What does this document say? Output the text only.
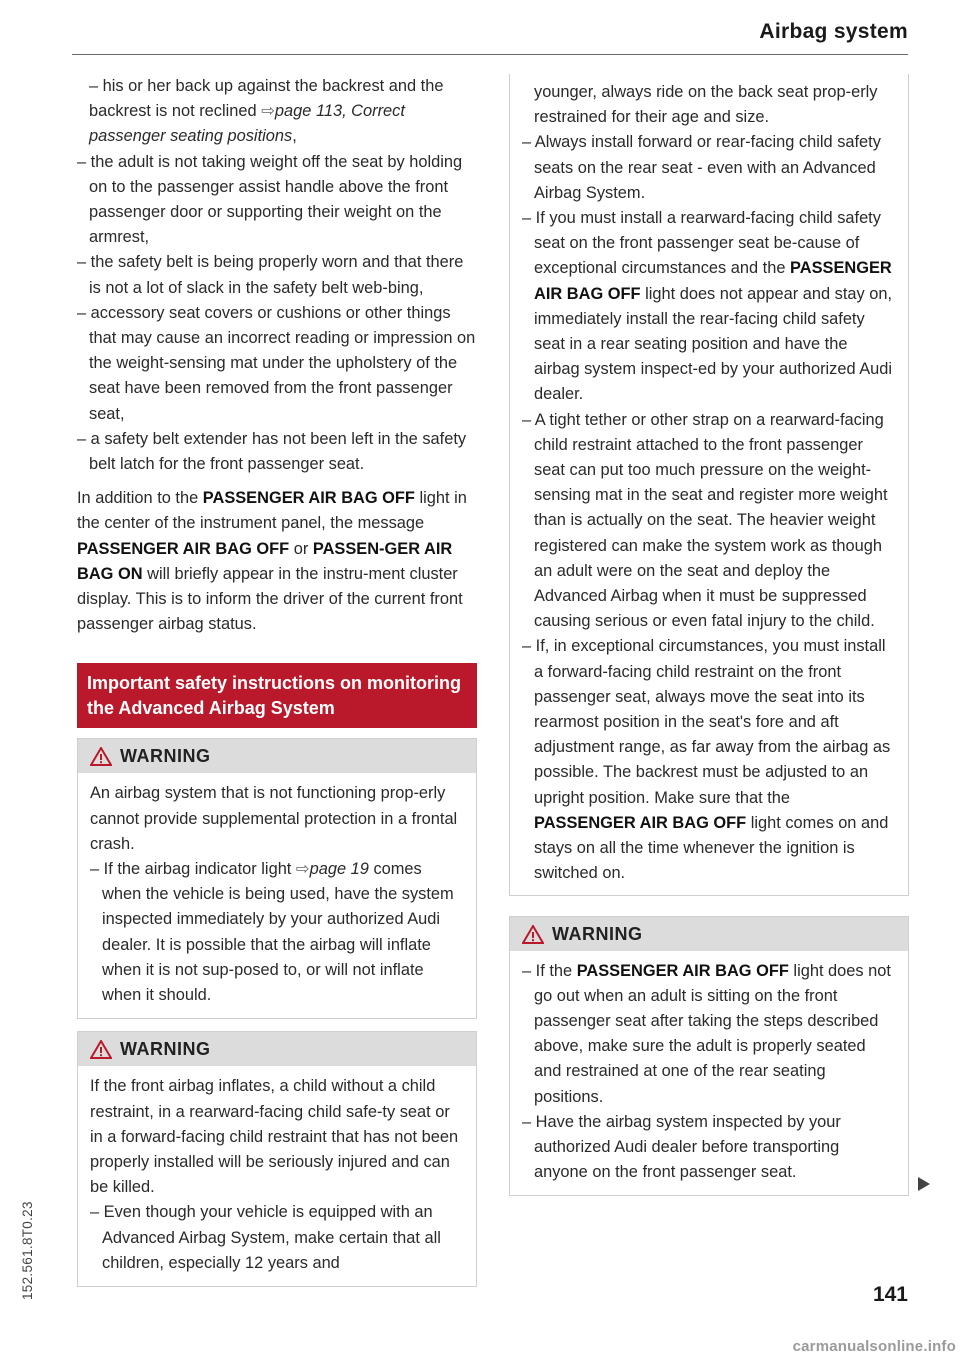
Airbag system

– his or her back up against the backrest and the backrest is not reclined ⇨page 113, Correct passenger seating positions,

– the adult is not taking weight off the seat by holding on to the passenger assist handle above the front passenger door or supporting their weight on the armrest,

– the safety belt is being properly worn and that there is not a lot of slack in the safety belt web-bing,

– accessory seat covers or cushions or other things that may cause an incorrect reading or impression on the weight-sensing mat under the upholstery of the seat have been removed from the front passenger seat,

– a safety belt extender has not been left in the safety belt latch for the front passenger seat.

In addition to the PASSENGER AIR BAG OFF light in the center of the instrument panel, the message PASSENGER AIR BAG OFF or PASSEN-GER AIR BAG ON will briefly appear in the instru-ment cluster display. This is to inform the driver of the current front passenger airbag status.

Important safety instructions on monitoring the Advanced Airbag System
WARNING

An airbag system that is not functioning prop-erly cannot provide supplemental protection in a frontal crash.

– If the airbag indicator light ⇨page 19 comes when the vehicle is being used, have the system inspected immediately by your authorized Audi dealer. It is possible that the airbag will inflate when it is not sup-posed to, or will not inflate when it should.

WARNING

If the front airbag inflates, a child without a child restraint, in a rearward-facing child safe-ty seat or in a forward-facing child restraint that has not been properly installed will be seriously injured and can be killed.

– Even though your vehicle is equipped with an Advanced Airbag System, make certain that all children, especially 12 years and

younger, always ride on the back seat prop-erly restrained for their age and size.

– Always install forward or rear-facing child safety seats on the rear seat - even with an Advanced Airbag System.

– If you must install a rearward-facing child safety seat on the front passenger seat be-cause of exceptional circumstances and the PASSENGER AIR BAG OFF light does not appear and stay on, immediately install the rear-facing child safety seat in a rear seating position and have the airbag system inspect-ed by your authorized Audi dealer.

– A tight tether or other strap on a rearward-facing child restraint attached to the front passenger seat can put too much pressure on the weight-sensing mat in the seat and register more weight than is actually on the seat. The heavier weight registered can make the system work as though an adult were on the seat and deploy the Advanced Airbag when it must be suppressed causing serious or even fatal injury to the child.

– If, in exceptional circumstances, you must install a forward-facing child restraint on the front passenger seat, always move the seat into its rearmost position in the seat's fore and aft adjustment range, as far away from the airbag as possible. The backrest must be adjusted to an upright position. Make sure that the PASSENGER AIR BAG OFF light comes on and stays on all the time whenever the ignition is switched on.

WARNING

– If the PASSENGER AIR BAG OFF light does not go out when an adult is sitting on the front passenger seat after taking the steps described above, make sure the adult is properly seated and restrained at one of the rear seating positions.

– Have the airbag system inspected by your authorized Audi dealer before transporting anyone on the front passenger seat.

152.561.8T0.23	141
carmanualsonline.info
